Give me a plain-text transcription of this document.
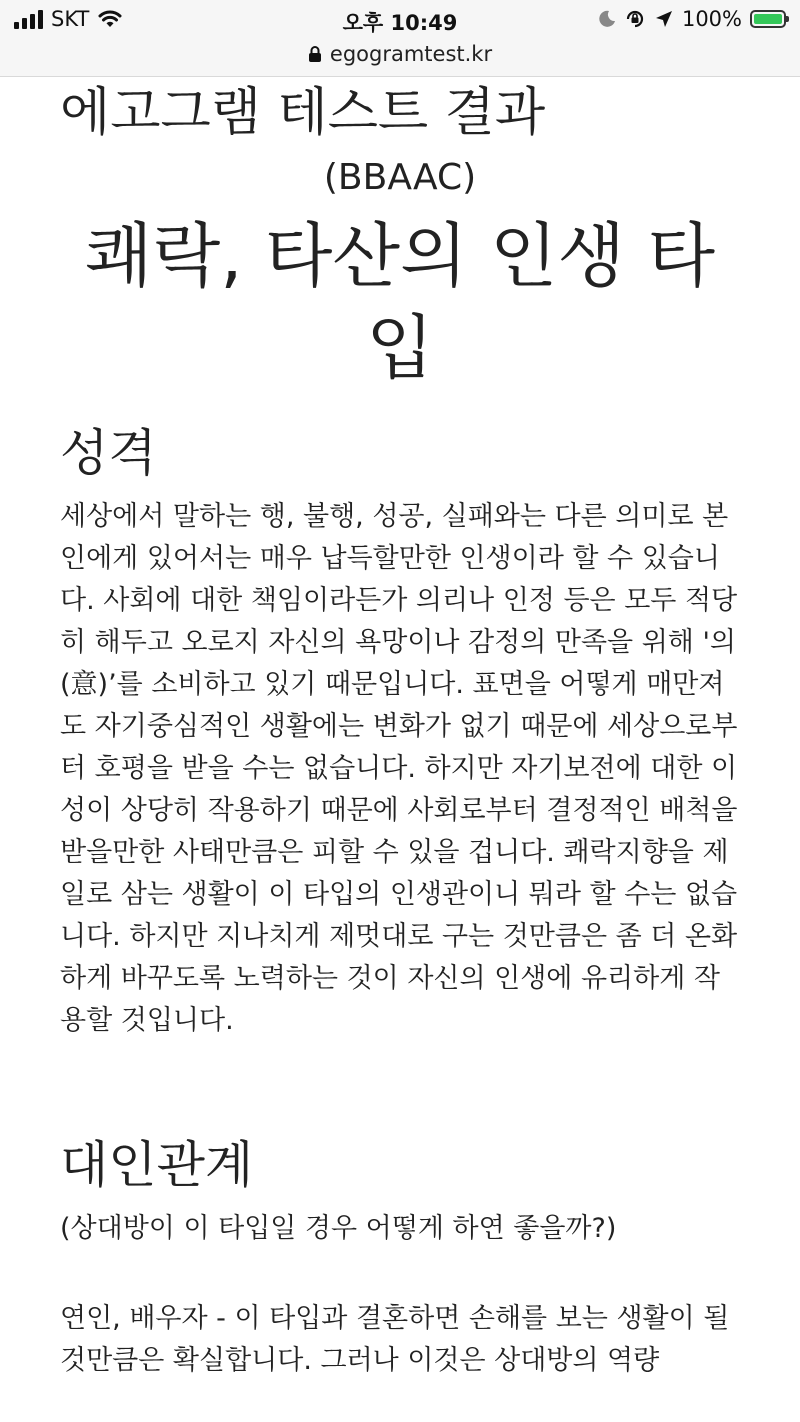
SKT	오후 10:49	100%
egogramtest.kr
에고그램 테스트 결과
(BBAAC)
쾌락, 타산의 인생 타입
성격

세상에서 말하는 행, 불행, 성공, 실패와는 다른 의미로 본인에게 있어서는 매우 납득할만한 인생이라 할 수 있습니다. 사회에 대한 책임이라든가 의리나 인정 등은 모두 적당히 해두고 오로지 자신의 욕망이나 감정의 만족을 위해 '의(意)’를 소비하고 있기 때문입니다. 표면을 어떻게 매만져도 자기중심적인 생활에는 변화가 없기 때문에 세상으로부터 호평을 받을 수는 없습니다. 하지만 자기보전에 대한 이성이 상당히 작용하기 때문에 사회로부터 결정적인 배척을 받을만한 사태만큼은 피할 수 있을 겁니다. 쾌락지향을 제일로 삼는 생활이 이 타입의 인생관이니 뭐라 할 수는 없습니다. 하지만 지나치게 제멋대로 구는 것만큼은 좀 더 온화하게 바꾸도록 노력하는 것이 자신의 인생에 유리하게 작용할 것입니다.

대인관계

(상대방이 이 타입일 경우 어떻게 하연 좋을까?)

연인, 배우자 - 이 타입과 결혼하면 손해를 보는 생활이 될 것만큼은 확실합니다. 그러나 이것은 상대방의 역량
